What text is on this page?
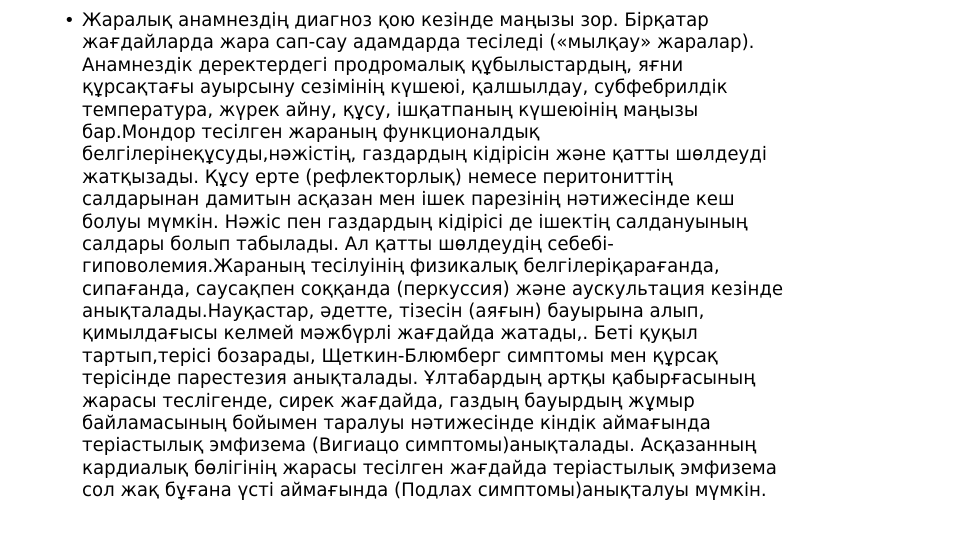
• Жаралық анамнездің диагноз қою кезінде маңызы зор. Бірқатар
жағдайларда жара сап-сау адамдарда тесіледі («мылқау» жаралар).
Анамнездік деректердегі продромалық құбылыстардың, яғни
құрсақтағы ауырсыну сезімінің күшеюі, қалшылдау, субфебрилдік
температура, жүрек айну, құсу, ішқатпаның күшеюінің маңызы
бар.Мондор тесілген жараның функционалдық
белгілерінеқұсуды,нәжістің, газдардың кідірісін және қатты шөлдеуді
жатқызады. Құсу ерте (рефлекторлық) немесе перитониттің
салдарынан дамитын асқазан мен ішек парезінің нәтижесінде кеш
болуы мүмкін. Нәжіс пен газдардың кідірісі де ішектің салдануының
салдары болып табылады. Ал қатты шөлдеудің себебі-
гиповолемия.Жараның тесілуінің физикалық белгілеріқарағанда,
сипағанда, саусақпен соққанда (перкуссия) және аускультация кезінде
анықталады.Науқастар, әдетте, тізесін (аяғын) бауырына алып,
қимылдағысы келмей мәжбүрлі жағдайда жатады,. Беті қуқыл
тартып,терісі бозарады, Щеткин-Блюмберг симптомы мен құрсақ
терісінде парестезия анықталады. Ұлтабардың артқы қабырғасының
жарасы теслігенде, сирек жағдайда, газдың бауырдың жұмыр
байламасының бойымен таралуы нәтижесінде кіндік аймағында
теріастылық эмфизема (Вигиацо симптомы)анықталады. Асқазанның
кардиалық бөлігінің жарасы тесілген жағдайда теріастылық эмфизема
сол жақ бұғана үсті аймағында (Подлах симптомы)анықталуы мүмкін.
